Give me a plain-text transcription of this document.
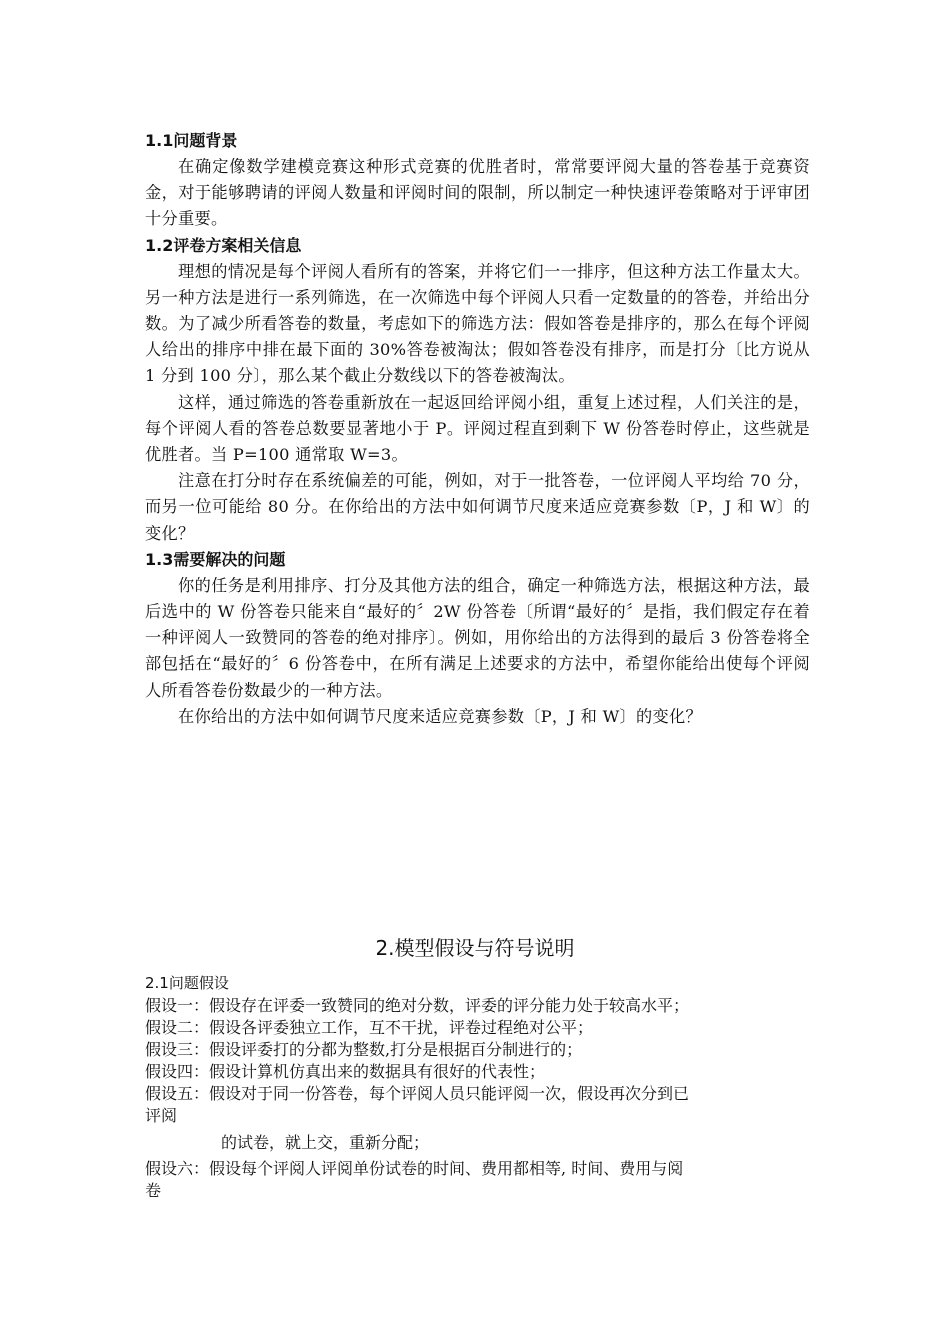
1.1问题背景

在确定像数学建模竞赛这种形式竞赛的优胜者时，常常要评阅大量的答卷基于竞赛资金，对于能够聘请的评阅人数量和评阅时间的限制，所以制定一种快速评卷策略对于评审团十分重要。

1.2评卷方案相关信息

理想的情况是每个评阅人看所有的答案，并将它们一一排序，但这种方法工作量太大。另一种方法是进行一系列筛选，在一次筛选中每个评阅人只看一定数量的的答卷，并给出分数。为了减少所看答卷的数量，考虑如下的筛选方法：假如答卷是排序的，那么在每个评阅人给出的排序中排在最下面的 30%答卷被淘汰；假如答卷没有排序，而是打分〔比方说从 1 分到 100 分〕，那么某个截止分数线以下的答卷被淘汰。

这样，通过筛选的答卷重新放在一起返回给评阅小组，重复上述过程，人们关注的是，每个评阅人看的答卷总数要显著地小于 P。评阅过程直到剩下 W 份答卷时停止，这些就是优胜者。当 P=100 通常取 W=3。

注意在打分时存在系统偏差的可能，例如，对于一批答卷，一位评阅人平均给 70 分，而另一位可能给 80 分。在你给出的方法中如何调节尺度来适应竞赛参数〔P，J 和 W〕的变化？

1.3需要解决的问题

你的任务是利用排序、打分及其他方法的组合，确定一种筛选方法，根据这种方法，最后选中的 W 份答卷只能来自“最好的〞2W 份答卷〔所谓“最好的〞是指，我们假定存在着一种评阅人一致赞同的答卷的绝对排序〕。例如，用你给出的方法得到的最后 3 份答卷将全部包括在“最好的〞6 份答卷中，在所有满足上述要求的方法中，希望你能给出使每个评阅人所看答卷份数最少的一种方法。

在你给出的方法中如何调节尺度来适应竞赛参数〔P，J 和 W〕的变化？

2.模型假设与符号说明

2.1问题假设

假设一： 假设存在评委一致赞同的绝对分数，评委的评分能力处于较高水平；
假设二： 假设各评委独立工作，互不干扰，评卷过程绝对公平；
假设三： 假设评委打的分都为整数,打分是根据百分制进行的；
假设四： 假设计算机仿真出来的数据具有很好的代表性；
假设五： 假设对于同一份答卷，每个评阅人员只能评阅一次，假设再次分到已
评阅
的试卷，就上交，重新分配；
假设六： 假设每个评阅人评阅单份试卷的时间、费用都相等, 时间、费用与阅
卷
